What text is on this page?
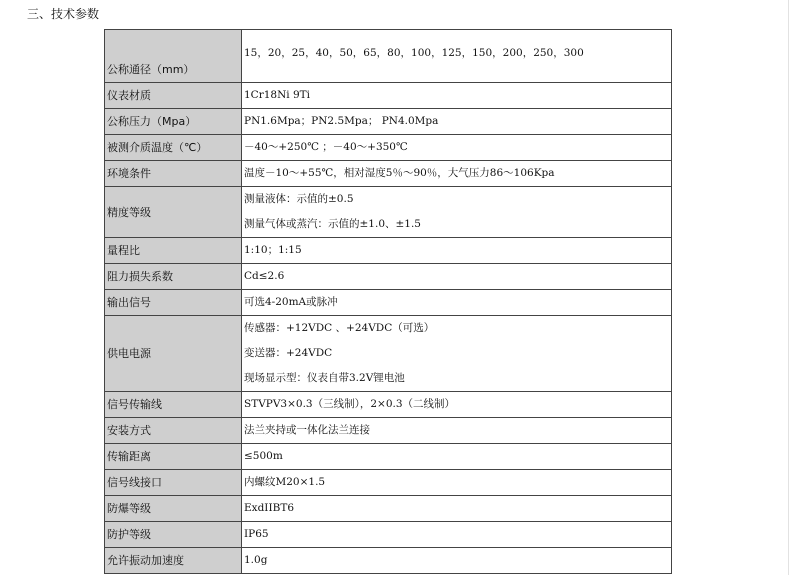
三、技术参数
公称通径（mm）	15，20，25，40，50，65，80，100，125，150，200，250，300
仪表材质	1Cr18Ni 9Ti
公称压力（Mpa）	PN1.6Mpa；PN2.5Mpa； PN4.0Mpa
被测介质温度（℃）	－40～+250℃ ；－40～+350℃
环境条件	温度－10～+55℃，相对湿度5％～90％，大气压力86～106Kpa
精度等级	测量液体：示值的±0.5
测量气体或蒸汽：示值的±1.0、±1.5

量程比	1:10；1:15
阻力损失系数	Cd≤2.6
输出信号	可选4-20mA或脉冲
供电电源	传感器：+12VDC 、+24VDC（可选）
变送器：+24VDC
现场显示型：仪表自带3.2V锂电池

信号传输线	STVPV3×0.3（三线制），2×0.3（二线制）
安装方式	法兰夹持或一体化法兰连接
传输距离	≤500m
信号线接口	内螺纹M20×1.5
防爆等级	ExdIIBT6
防护等级	IP65
允许振动加速度	1.0g
